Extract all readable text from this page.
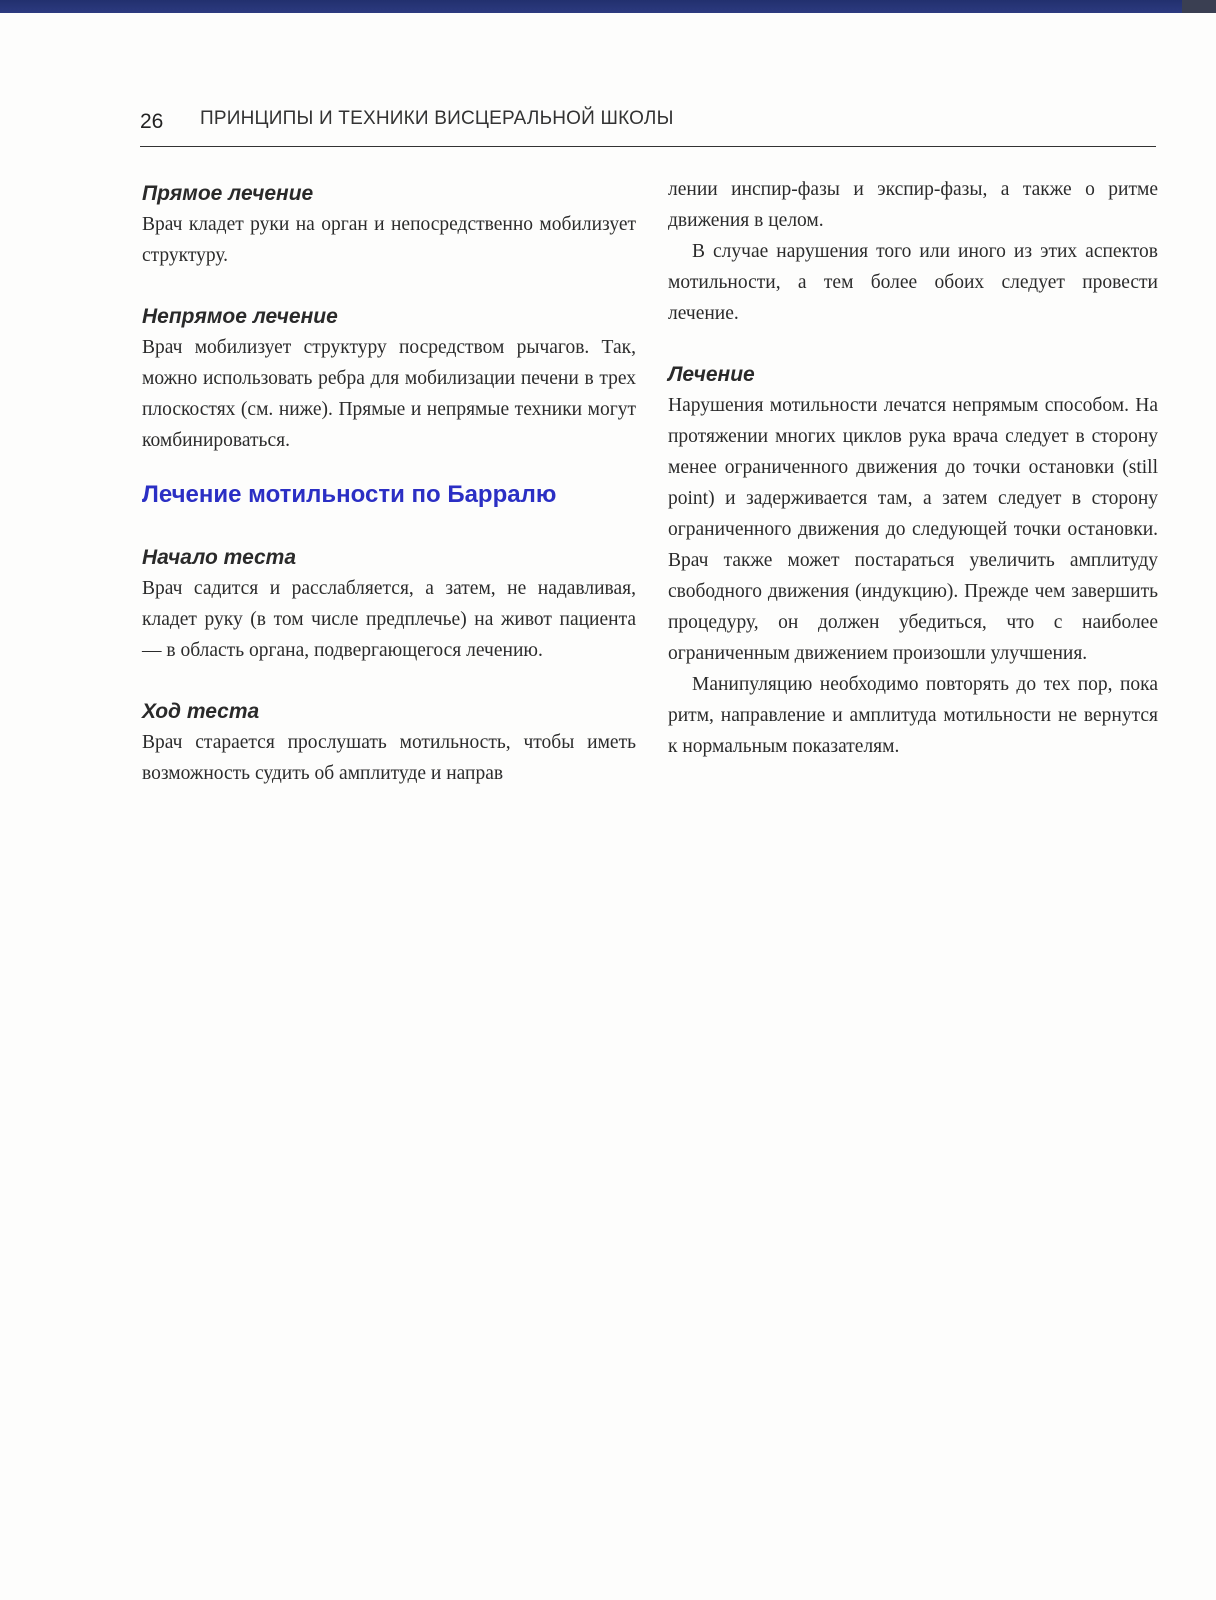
26 ПРИНЦИПЫ И ТЕХНИКИ ВИСЦЕРАЛЬНОЙ ШКОЛЫ
Прямое лечение

Врач кладет руки на орган и непосредственно мобилизует структуру.

Непрямое лечение

Врач мобилизует структуру посредством рычагов. Так, можно использовать ребра для мобилизации печени в трех плоскостях (см. ниже). Прямые и непрямые техники могут комбинироваться.

Лечение мотильности по Барралю
Начало теста

Врач садится и расслабляется, а затем, не надавливая, кладет руку (в том числе предплечье) на живот пациента — в область органа, подвергающегося лечению.

Ход теста

Врач старается прослушать мотильность, чтобы иметь возможность судить об амплитуде и направ

лении инспир-фазы и экспир-фазы, а также о ритме движения в целом.

В случае нарушения того или иного из этих аспектов мотильности, а тем более обоих следует провести лечение.

Лечение

Нарушения мотильности лечатся непрямым способом. На протяжении многих циклов рука врача следует в сторону менее ограниченного движения до точки остановки (still point) и задерживается там, а затем следует в сторону ограниченного движения до следующей точки остановки. Врач также может постараться увеличить амплитуду свободного движения (индукцию). Прежде чем завершить процедуру, он должен убедиться, что с наиболее ограниченным движением произошли улучшения.

Манипуляцию необходимо повторять до тех пор, пока ритм, направление и амплитуда мотильности не вернутся к нормальным показателям.
